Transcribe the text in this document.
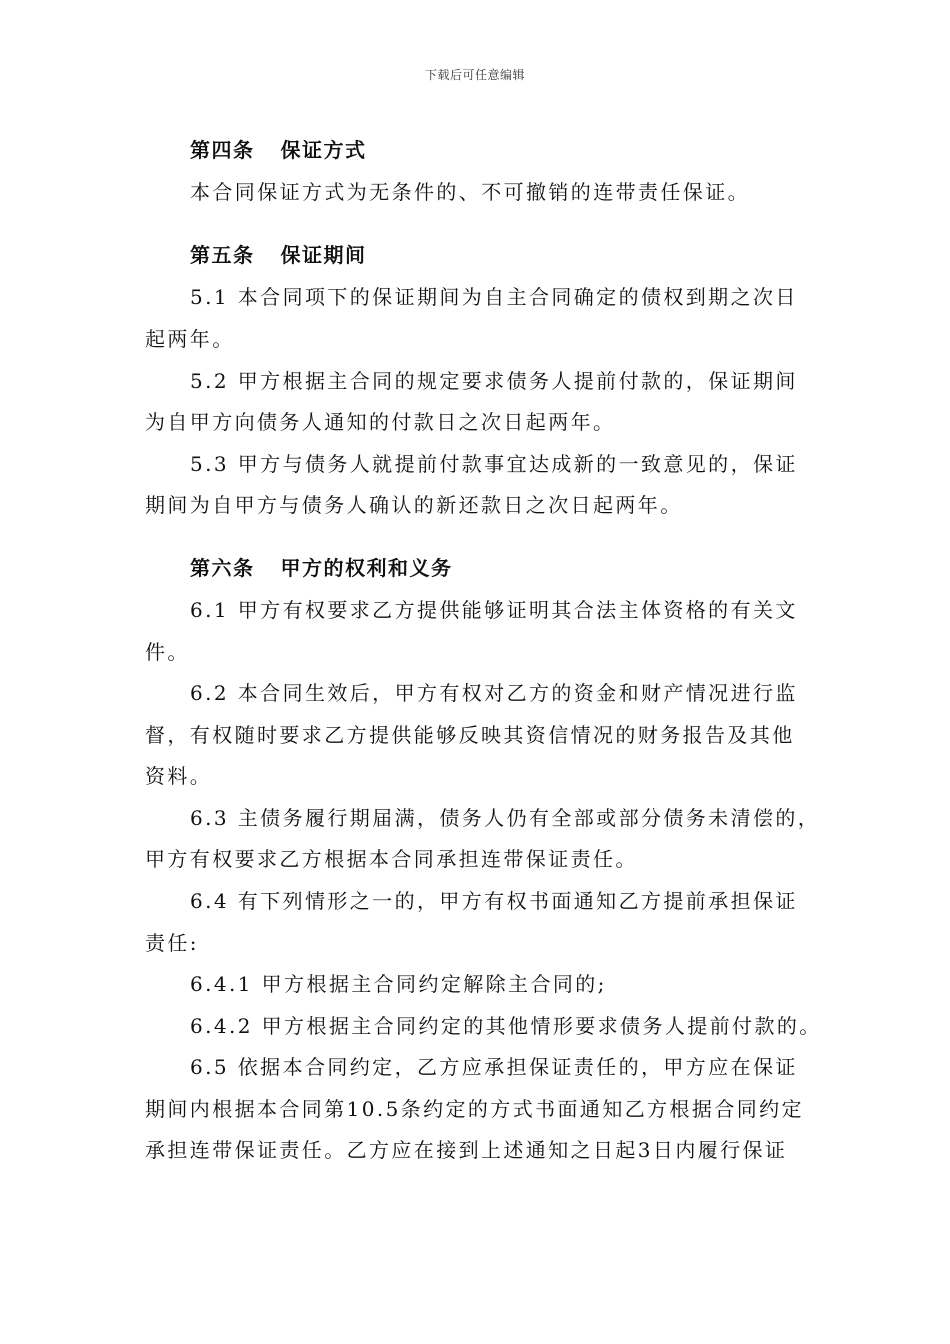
下载后可任意编辑
第四条 保证方式
本合同保证方式为无条件的、不可撤销的连带责任保证。
第五条 保证期间
5.1 本合同项下的保证期间为自主合同确定的债权到期之次日
起两年。
5.2 甲方根据主合同的规定要求债务人提前付款的，保证期间
为自甲方向债务人通知的付款日之次日起两年。
5.3 甲方与债务人就提前付款事宜达成新的一致意见的，保证
期间为自甲方与债务人确认的新还款日之次日起两年。
第六条 甲方的权利和义务
6.1 甲方有权要求乙方提供能够证明其合法主体资格的有关文
件。
6.2 本合同生效后，甲方有权对乙方的资金和财产情况进行监
督，有权随时要求乙方提供能够反映其资信情况的财务报告及其他
资料。
6.3 主债务履行期届满，债务人仍有全部或部分债务未清偿的，
甲方有权要求乙方根据本合同承担连带保证责任。
6.4 有下列情形之一的，甲方有权书面通知乙方提前承担保证
责任:
6.4.1 甲方根据主合同约定解除主合同的;
6.4.2 甲方根据主合同约定的其他情形要求债务人提前付款的。
6.5 依据本合同约定，乙方应承担保证责任的，甲方应在保证
期间内根据本合同第10.5条约定的方式书面通知乙方根据合同约定
承担连带保证责任。乙方应在接到上述通知之日起3日内履行保证
